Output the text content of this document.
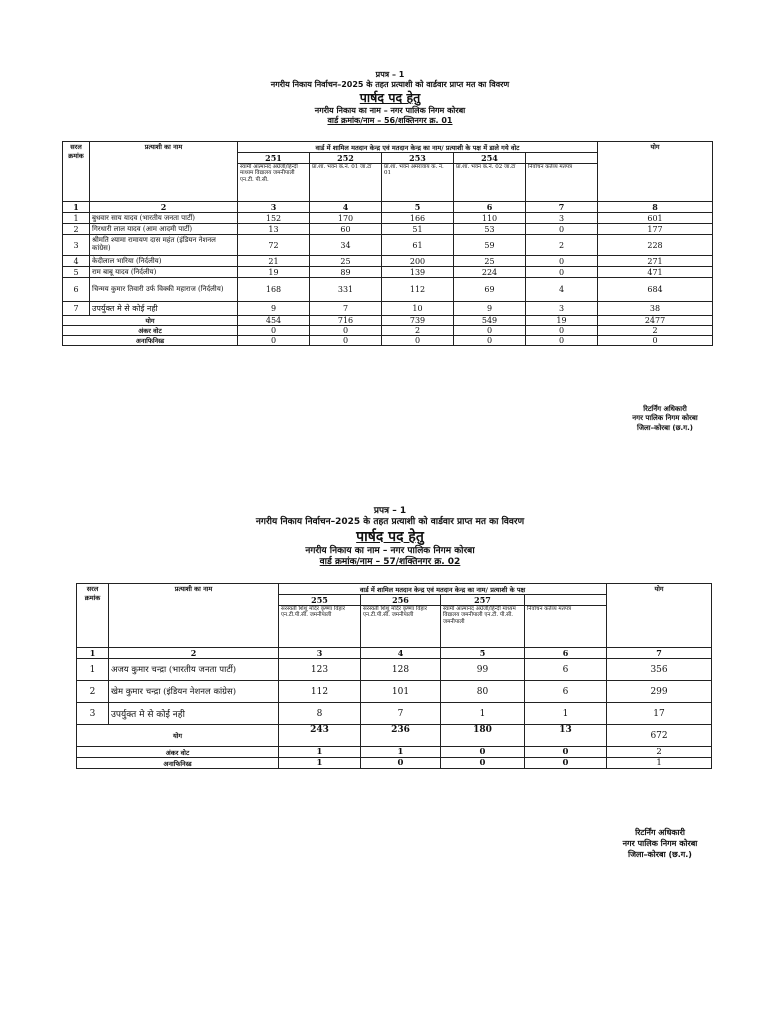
प्रपत्र – 1
नगरीय निकाय निर्वाचन–2025 के तहत प्रत्याशी को वार्डवार प्राप्त मत का विवरण
पार्षद पद हेतु
नगरीय निकाय का नाम – नगर पालिक निगम कोरबा
वार्ड क्रमांक/नाम – 56/शक्तिनगर क्र. 01
सरल क्रमांक	प्रत्याशी का नाम	वार्ड में शामिल मतदान केन्द्र एवं मतदान केन्द्र का नाम/ प्रत्याशी के पक्ष में डाले गये वोट					योग
		251	252	253	254		
		स्वामी आत्मानंद अंग्रेजी/हिन्दी माध्यम विद्यालय जमनीपाली एन.टी. पी.सी.	प्रा.शा. भवन क.नं. 01 जा.टा	प्रा.शा. भवन अमरावाय क. नं. 01	प्रा.शा. भवन क.नं. 02 जा.टा	निर्वाचन कर्तव्य मतपत्र	
1	2	3	4	5	6	7	8
1	बुधवार साय यादव (भारतीय जनता पार्टी)	152	170	166	110	3	601
2	गिरधारी लाल यादव (आम आदमी पार्टी)	13	60	51	53	0	177
3	श्रीमति श्यामा रामायण दास महंत (इंडियन नेशनल कांग्रेस)	72	34	61	59	2	228
4	केदीलाल भारिया (निर्दलीय)	21	25	200	25	0	271
5	राम बाबू यादव (निर्दलीय)	19	89	139	224	0	471
6	चिन्मय कुमार तिवारी उर्फ विक्की महाराज (निर्दलीय)	168	331	112	69	4	684
7	उपर्युक्त मे से कोई नही	9	7	10	9	3	38
योग		454	716	739	549	19	2477
अंकर वोट		0	0	2	0	0	2
अनाफिनिस्ड		0	0	0	0	0	0
रिटर्निंग अधिकारी
नगर पालिक निगम कोरबा
जिला–कोरबा (छ.ग.)
प्रपत्र – 1
नगरीय निकाय निर्वाचन–2025 के तहत प्रत्याशी को वार्डवार प्राप्त मत का विवरण
पार्षद पद हेतु
नगरीय निकाय का नाम – नगर पालिक निगम कोरबा
वार्ड क्रमांक/नाम – 57/शक्तिनगर क्र. 02
सरल क्रमांक	प्रत्याशी का नाम	वार्ड में शामिल मतदान केन्द्र एवं मतदान केन्द्र का नाम/ प्रत्याशी के पक्ष				योग
		255	256	257		
		सरस्वती शिशु मंदिर कृष्णा विहार एन.टी.पी.सी. जमनीपाली	सरस्वती शिशु मंदिर कृष्णा विहार एन.टी.पी.सी. जमनीपाली	स्वामी आत्मानंद अंग्रेजी/हिन्दी माध्यम विद्यालय जमनीपाली एन.टी. पी.सी. जमनीपाली	निर्वाचन कर्तव्य मतपत्र	
1	2	3	4	5	6	7
1	अजय कुमार चन्द्रा (भारतीय जनता पार्टी)	123	128	99	6	356
2	खेम कुमार चन्द्रा (इंडियन नेशनल कांग्रेस)	112	101	80	6	299
3	उपर्युक्त मे से कोई नही	8	7	1	1	17
योग		243	236	180	13	672
अंकर वोट		1	1	0	0	2
अनाफिनिस्ड		1	0	0	0	1
रिटर्निंग अधिकारी
नगर पालिक निगम कोरबा
जिला–कोरबा (छ.ग.)
